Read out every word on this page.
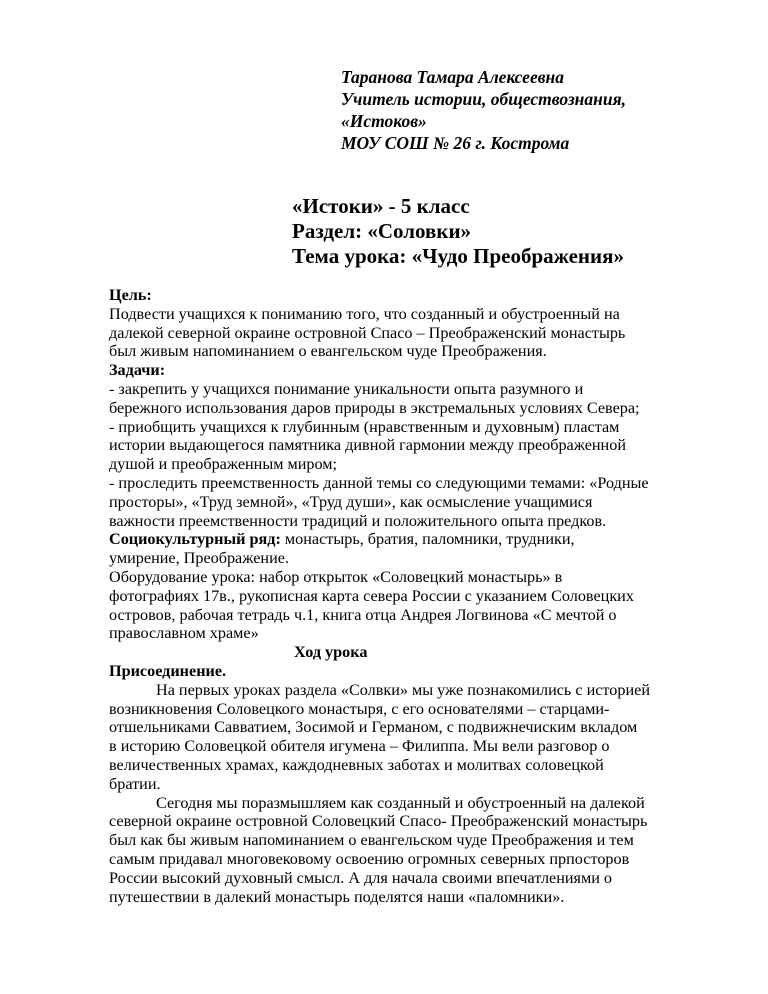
Таранова Тамара Алексеевна
Учитель истории, обществознания,
«Истоков»
МОУ СОШ № 26 г. Кострома
«Истоки» - 5 класс
Раздел: «Соловки»
Тема урока: «Чудо Преображения»
Цель:
Подвести учащихся к пониманию того, что созданный и обустроенный на
далекой северной окраине островной Спасо – Преображенский монастырь
был живым напоминанием о евангельском чуде Преображения.
Задачи:
- закрепить у учащихся понимание уникальности опыта разумного и
бережного использования даров природы в экстремальных условиях Севера;
- приобщить учащихся к глубинным (нравственным и духовным) пластам
истории выдающегося памятника дивной гармонии между преображенной
душой и преображенным миром;
- проследить преемственность данной темы со следующими темами: «Родные
просторы», «Труд земной», «Труд души», как осмысление учащимися
важности преемственности традиций и положительного опыта предков.
Социокультурный ряд: монастырь, братия, паломники, трудники,
умирение, Преображение.
Оборудование урока: набор открыток «Соловецкий монастырь» в
фотографиях 17в., рукописная карта севера России с указанием Соловецких
островов, рабочая тетрадь ч.1, книга отца Андрея Логвинова «С мечтой о
православном храме»
Ход урока
Присоединение.
На первых уроках раздела «Солвки» мы уже познакомились с историей
возникновения Соловецкого монастыря, с его основателями – старцами-
отшельниками Савватием, Зосимой и Германом, с подвижнечиским вкладом
в историю Соловецкой обителя игумена – Филиппа. Мы вели разговор о
величественных храмах, каждодневных заботах и молитвах соловецкой
братии.
Сегодня мы поразмышляем как созданный и обустроенный на далекой
северной окраине островной Соловецкий Спасо- Преображенский монастырь
был как бы живым напоминанием о евангельском чуде Преображения и тем
самым придавал многовековому освоению огромных северных прпосторов
России высокий духовный смысл. А для начала своими впечатлениями о
путешествии в далекий монастырь поделятся наши «паломники».
